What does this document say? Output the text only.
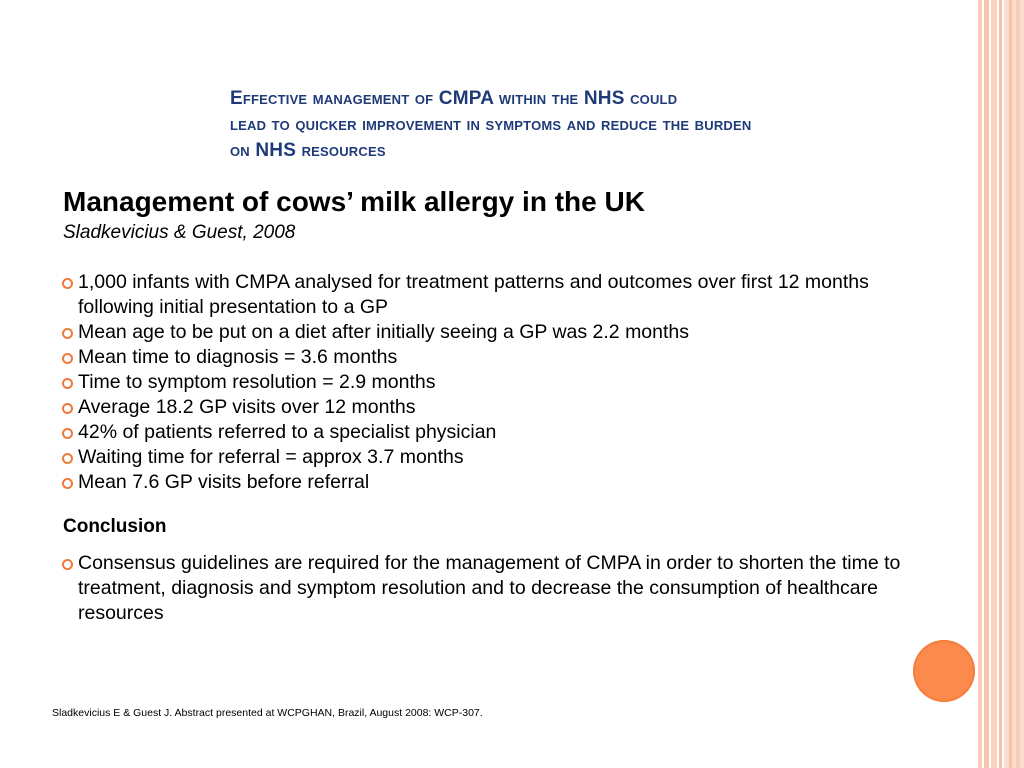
Effective management of CMPA within the NHS could
lead to quicker improvement in symptoms and reduce the burden
on NHS resources
Management of cows’ milk allergy in the UK
Sladkevicius & Guest, 2008
1,000 infants with CMPA analysed for treatment patterns and outcomes over first 12 months following initial presentation to a GP
Mean age to be put on a diet after initially seeing a GP was 2.2 months
Mean time to diagnosis = 3.6 months
Time to symptom resolution = 2.9 months
Average 18.2 GP visits over 12 months
42% of patients referred to a specialist physician
Waiting time for referral = approx 3.7 months
Mean 7.6 GP visits before referral
Conclusion
Consensus guidelines are required for the management of CMPA in order to shorten the time to treatment, diagnosis and symptom resolution and to decrease the consumption of healthcare resources
Sladkevicius E & Guest J. Abstract presented at WCPGHAN, Brazil, August 2008: WCP-307.
